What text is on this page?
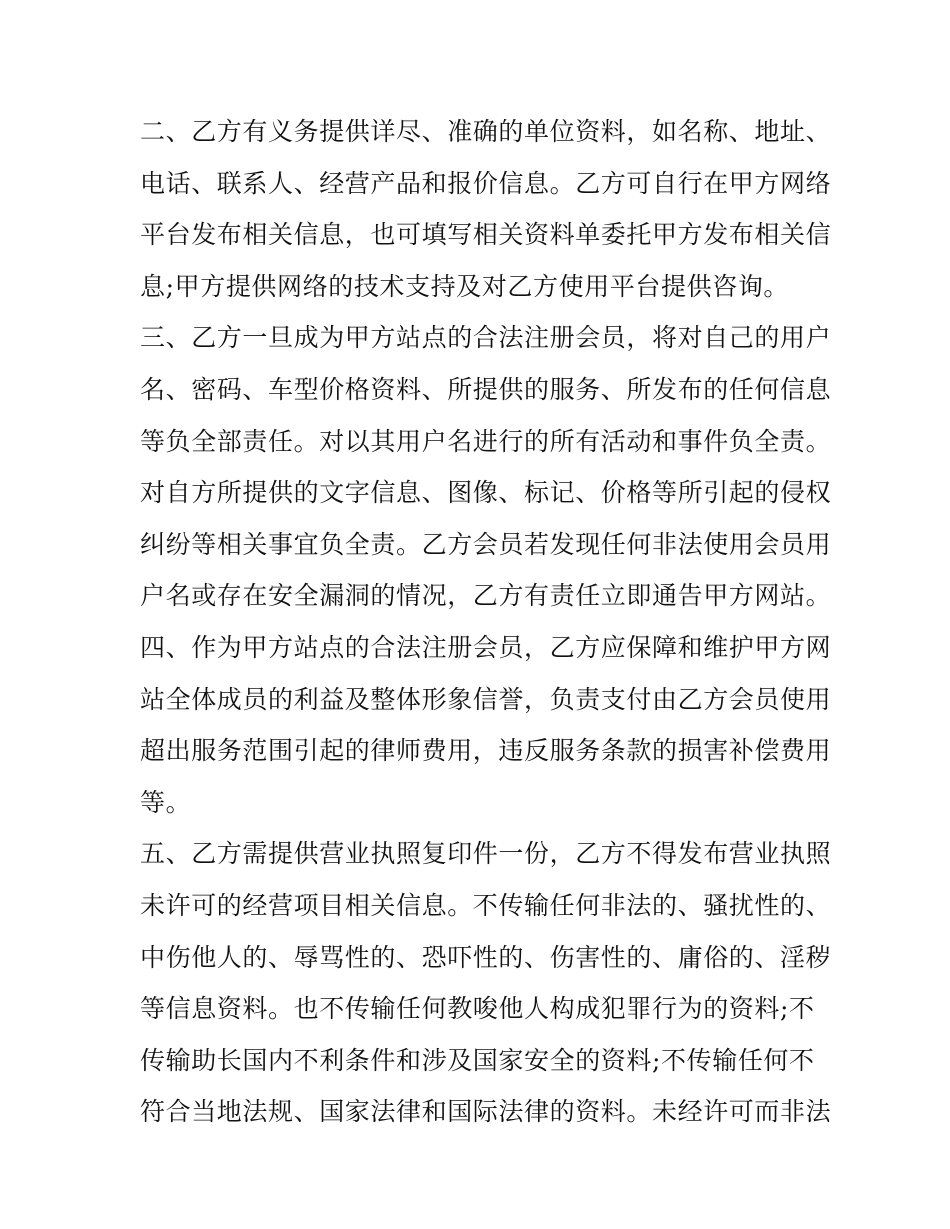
二、乙方有义务提供详尽、准确的单位资料，如名称、地址、
电话、联系人、经营产品和报价信息。乙方可自行在甲方网络
平台发布相关信息，也可填写相关资料单委托甲方发布相关信
息;甲方提供网络的技术支持及对乙方使用平台提供咨询。
三、乙方一旦成为甲方站点的合法注册会员，将对自己的用户
名、密码、车型价格资料、所提供的服务、所发布的任何信息
等负全部责任。对以其用户名进行的所有活动和事件负全责。
对自方所提供的文字信息、图像、标记、价格等所引起的侵权
纠纷等相关事宜负全责。乙方会员若发现任何非法使用会员用
户名或存在安全漏洞的情况，乙方有责任立即通告甲方网站。
四、作为甲方站点的合法注册会员，乙方应保障和维护甲方网
站全体成员的利益及整体形象信誉，负责支付由乙方会员使用
超出服务范围引起的律师费用，违反服务条款的损害补偿费用
等。
五、乙方需提供营业执照复印件一份，乙方不得发布营业执照
未许可的经营项目相关信息。不传输任何非法的、骚扰性的、
中伤他人的、辱骂性的、恐吓性的、伤害性的、庸俗的、淫秽
等信息资料。也不传输任何教唆他人构成犯罪行为的资料;不
传输助长国内不利条件和涉及国家安全的资料;不传输任何不
符合当地法规、国家法律和国际法律的资料。未经许可而非法
